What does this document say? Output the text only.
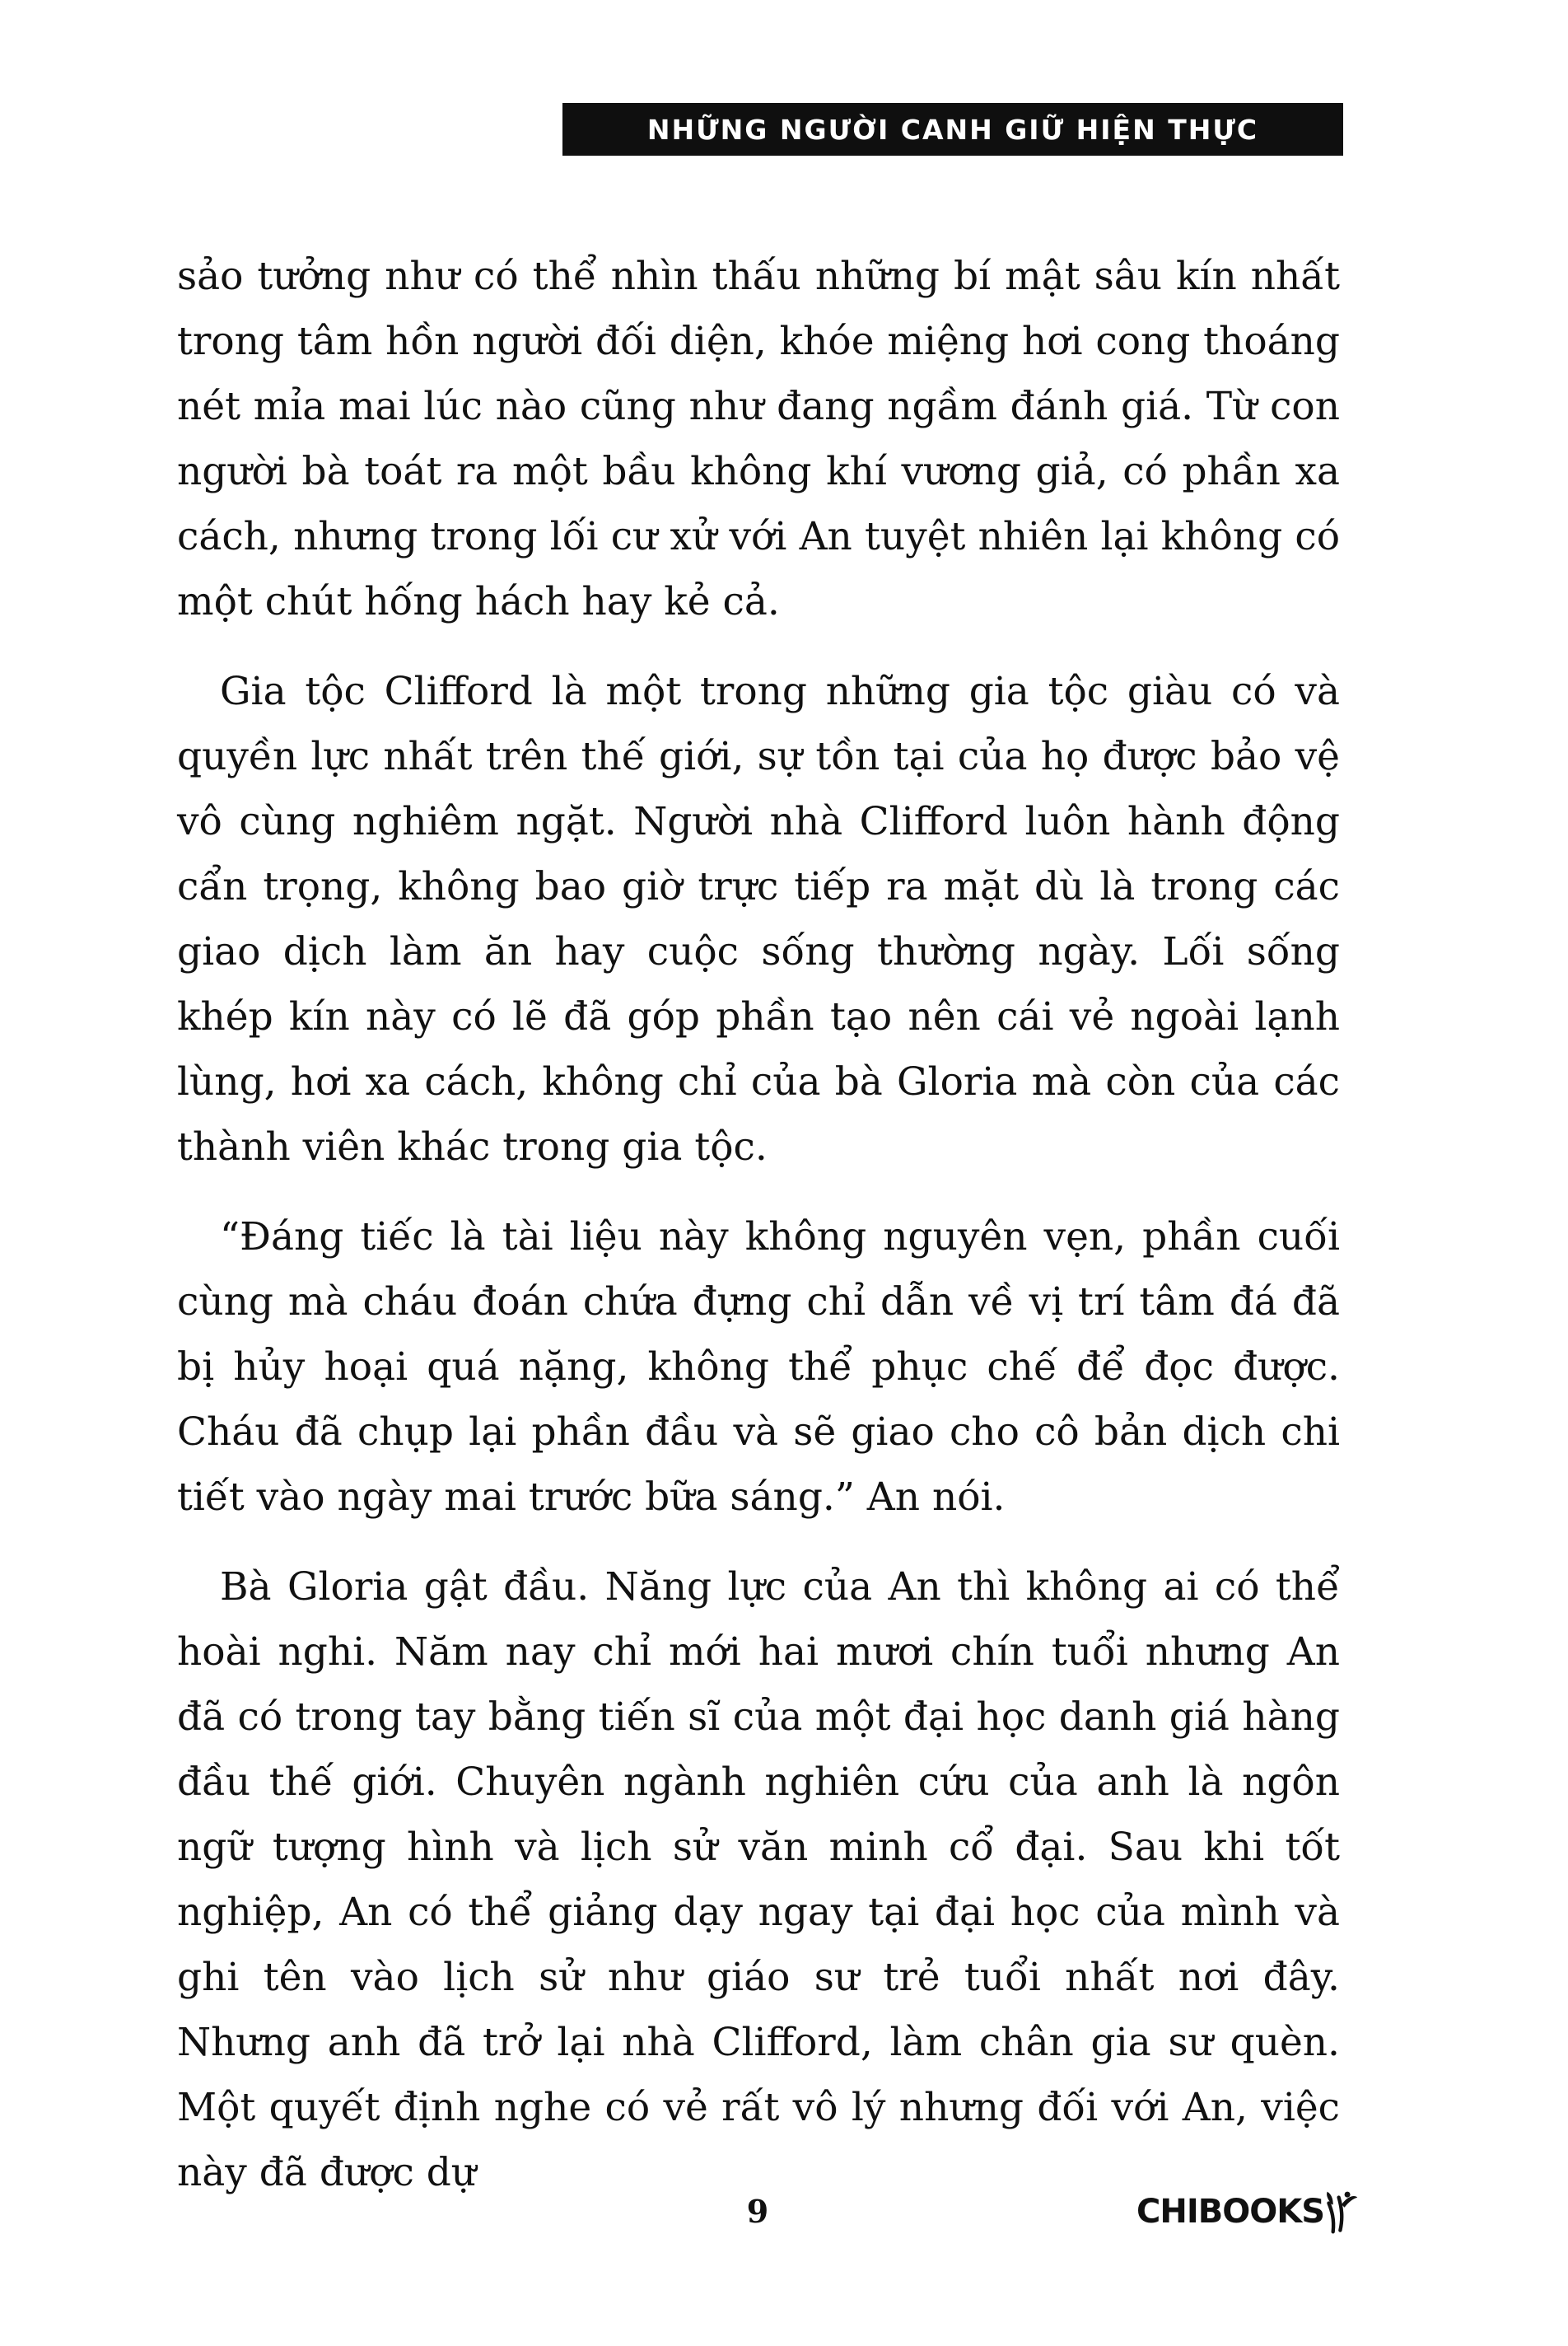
NHỮNG NGƯỜI CANH GIỮ HIỆN THỰC

sảo tưởng như có thể nhìn thấu những bí mật sâu kín nhất trong tâm hồn người đối diện, khóe miệng hơi cong thoáng nét mỉa mai lúc nào cũng như đang ngầm đánh giá. Từ con người bà toát ra một bầu không khí vương giả, có phần xa cách, nhưng trong lối cư xử với An tuyệt nhiên lại không có một chút hống hách hay kẻ cả.

Gia tộc Clifford là một trong những gia tộc giàu có và quyền lực nhất trên thế giới, sự tồn tại của họ được bảo vệ vô cùng nghiêm ngặt. Người nhà Clifford luôn hành động cẩn trọng, không bao giờ trực tiếp ra mặt dù là trong các giao dịch làm ăn hay cuộc sống thường ngày. Lối sống khép kín này có lẽ đã góp phần tạo nên cái vẻ ngoài lạnh lùng, hơi xa cách, không chỉ của bà Gloria mà còn của các thành viên khác trong gia tộc.

“Đáng tiếc là tài liệu này không nguyên vẹn, phần cuối cùng mà cháu đoán chứa đựng chỉ dẫn về vị trí tâm đá đã bị hủy hoại quá nặng, không thể phục chế để đọc được. Cháu đã chụp lại phần đầu và sẽ giao cho cô bản dịch chi tiết vào ngày mai trước bữa sáng.” An nói.

Bà Gloria gật đầu. Năng lực của An thì không ai có thể hoài nghi. Năm nay chỉ mới hai mươi chín tuổi nhưng An đã có trong tay bằng tiến sĩ của một đại học danh giá hàng đầu thế giới. Chuyên ngành nghiên cứu của anh là ngôn ngữ tượng hình và lịch sử văn minh cổ đại. Sau khi tốt nghiệp, An có thể giảng dạy ngay tại đại học của mình và ghi tên vào lịch sử như giáo sư trẻ tuổi nhất nơi đây. Nhưng anh đã trở lại nhà Clifford, làm chân gia sư quèn. Một quyết định nghe có vẻ rất vô lý nhưng đối với An, việc này đã được dự

9	CHIBOOKS
